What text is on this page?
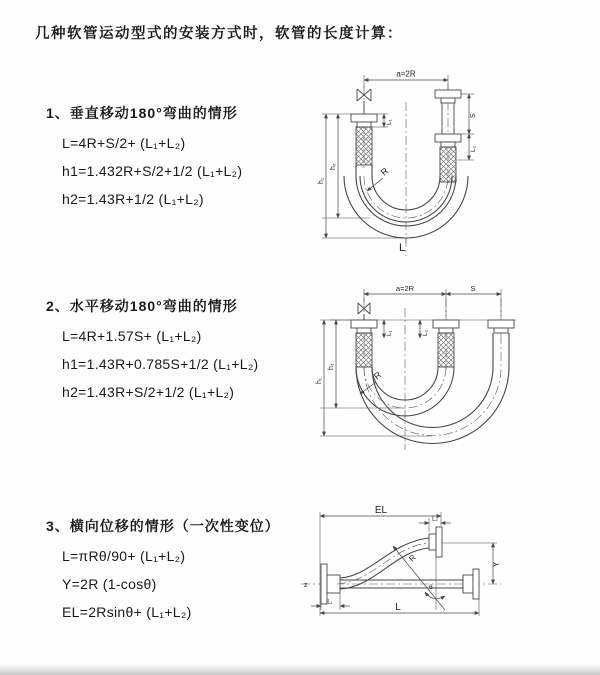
几种软管运动型式的安装方式时，软管的长度计算：
1、垂直移动180°弯曲的情形
L=4R+S/2+ (L₁+L₂)
h1=1.432R+S/2+1/2 (L₁+L₂)
h2=1.43R+1/2 (L₁+L₂)
a=2R
h₂
h₁
L₁
S
L₂
R
L
2、水平移动180°弯曲的情形
L=4R+1.57S+ (L₁+L₂)
h1=1.43R+0.785S+1/2 (L₁+L₂)
h2=1.43R+S/2+1/2 (L₁+L₂)
a=2R	S
h₂
h₁
L₁	L₂
R
3、横向位移的情形（一次性变位）
L=πRθ/90+ (L₁+L₂)
Y=2R (1-cosθ)
EL=2Rsinθ+ (L₁+L₂)
z
EL
L₂
θ
R
Y
L₁	L
